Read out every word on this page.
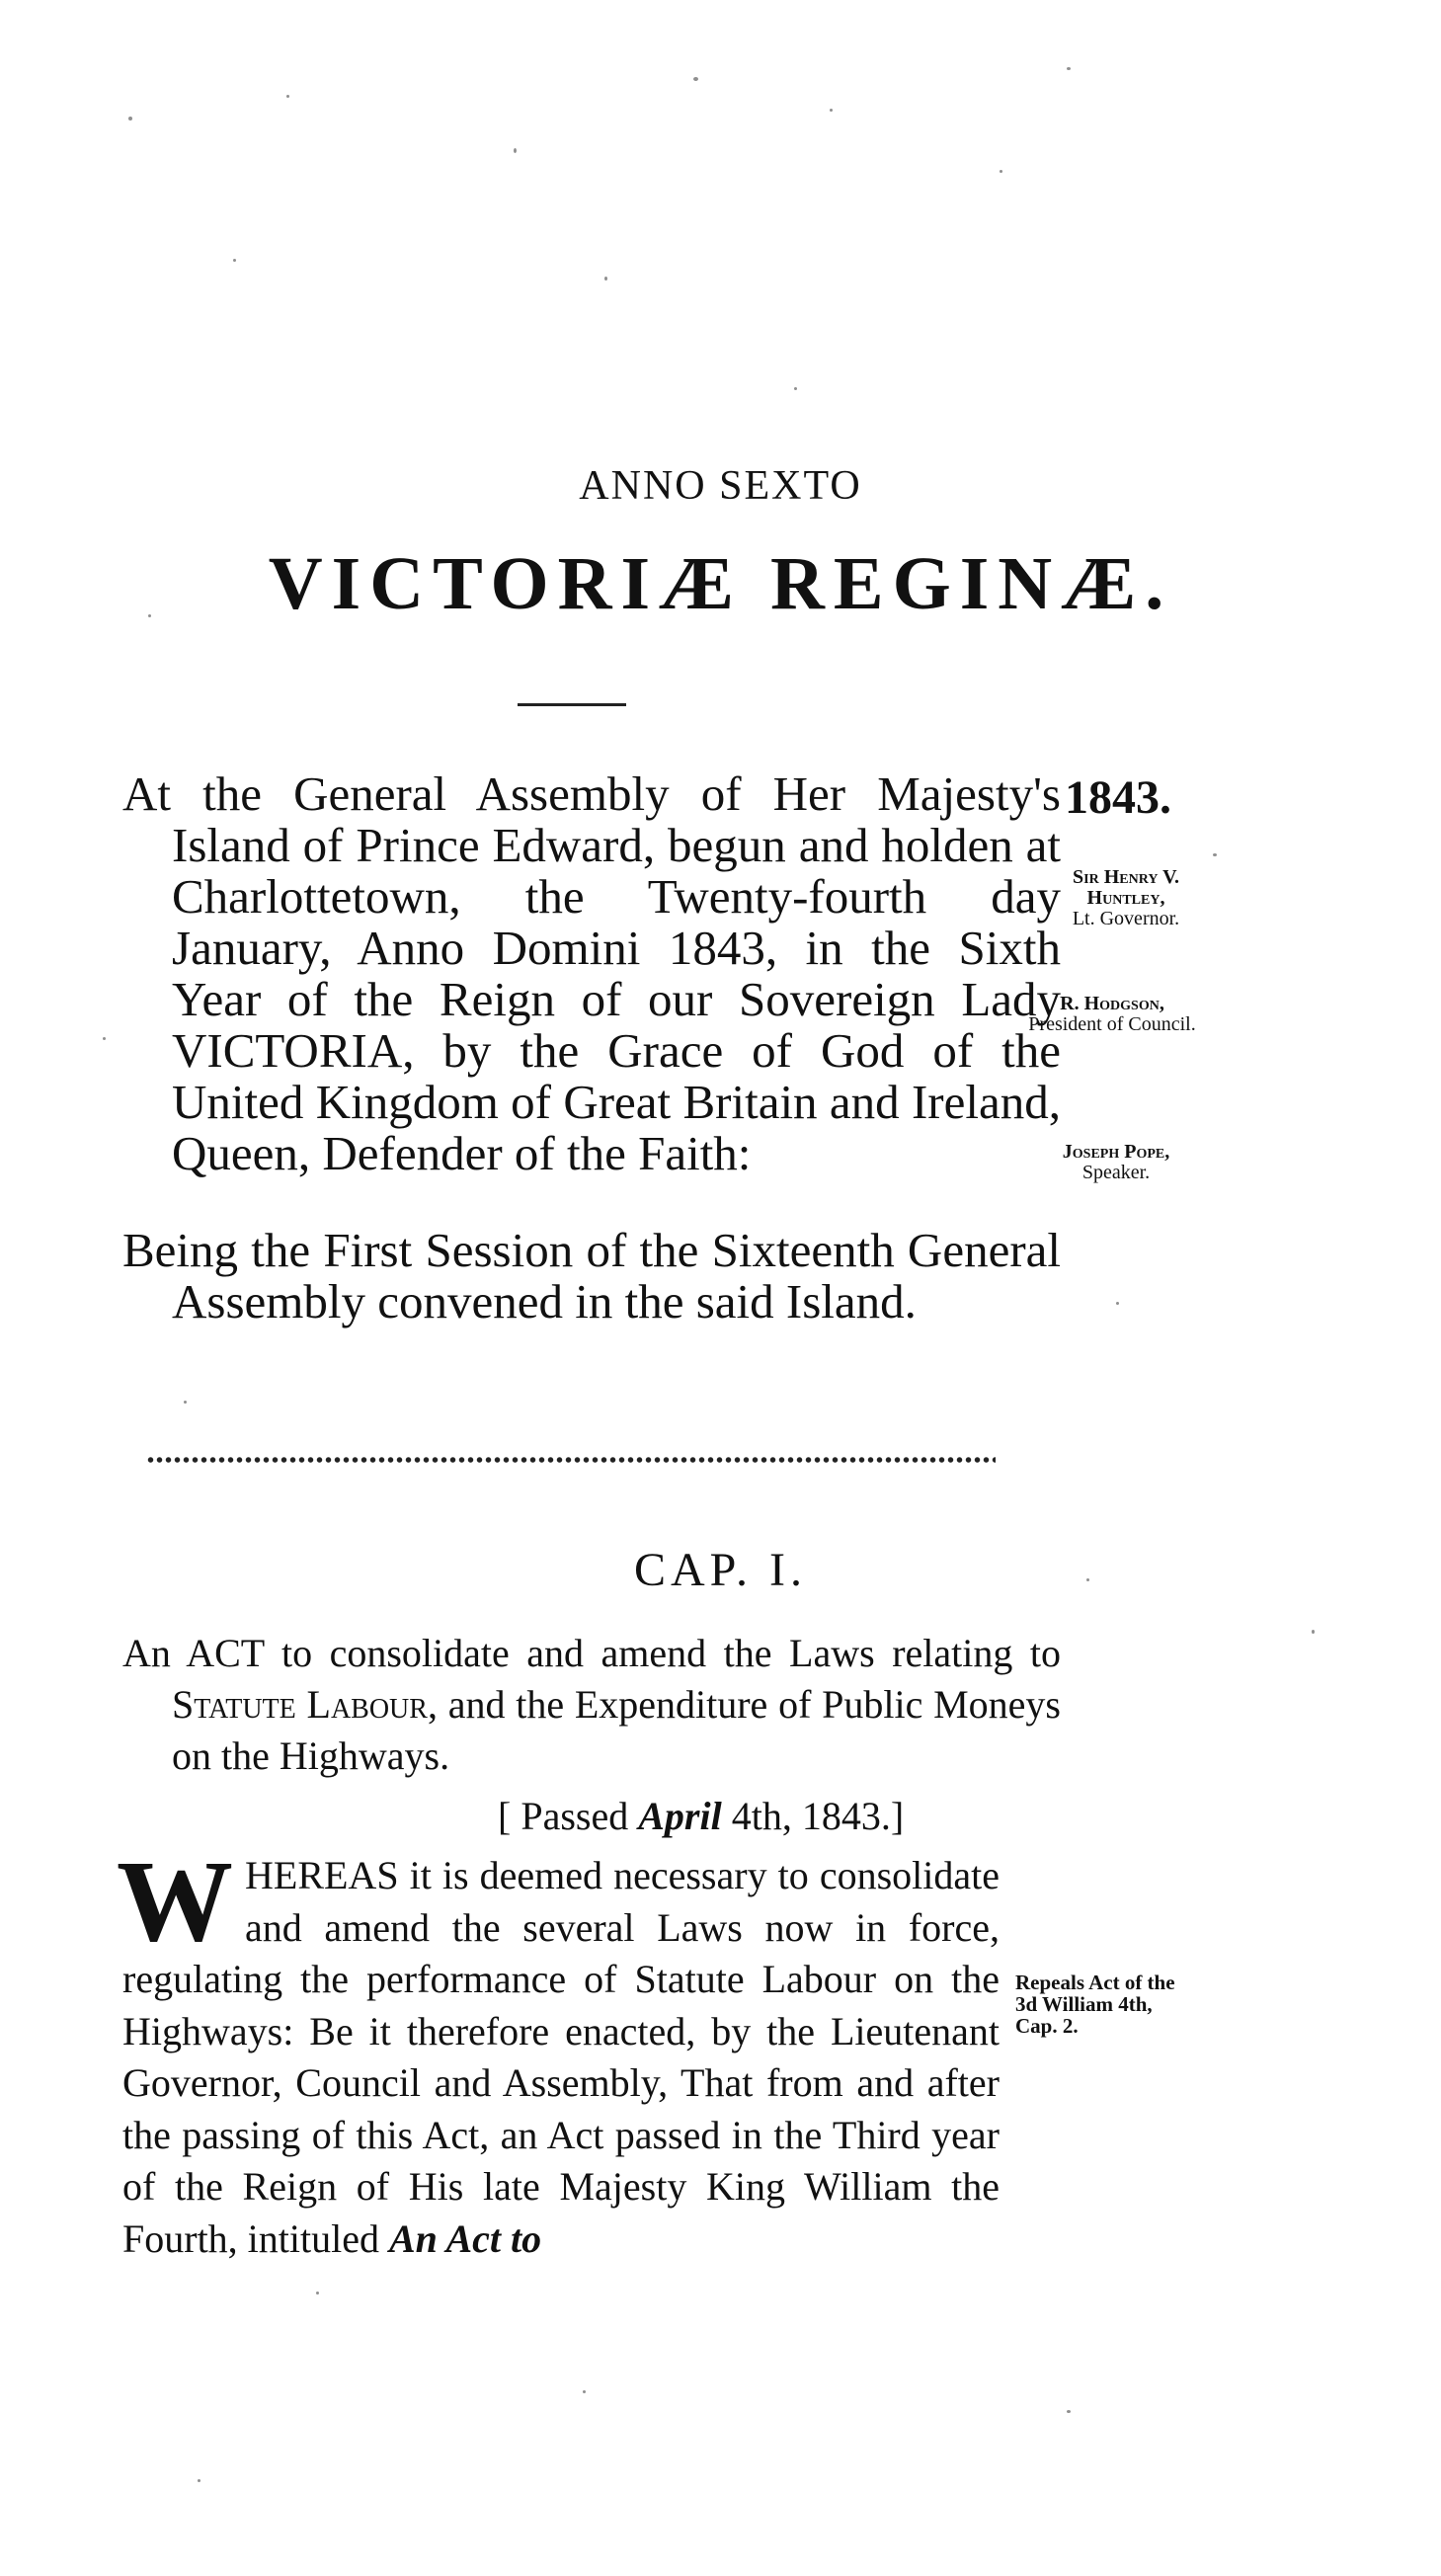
ANNO SEXTO
VICTORIÆ REGINÆ.
At the General Assembly of Her Majesty's Island of Prince Edward, begun and holden at Charlottetown, the Twenty-fourth day January, Anno Domini 1843, in the Sixth Year of the Reign of our Sovereign Lady VICTORIA, by the Grace of God of the United Kingdom of Great Britain and Ireland, Queen, Defender of the Faith:
Being the First Session of the Sixteenth General Assembly convened in the said Island.
1843.
Sir Henry V. Huntley,
Lt. Governor.
R. Hodgson,
President of Council.
Joseph Pope,
Speaker.
CAP. I.
An ACT to consolidate and amend the Laws relating to Statute Labour, and the Expenditure of Public Moneys on the Highways.
[ Passed April 4th, 1843.]
WHEREAS it is deemed necessary to consolidate and amend the several Laws now in force, regulating the performance of Statute Labour on the Highways: Be it therefore enacted, by the Lieutenant Governor, Council and Assembly, That from and after the passing of this Act, an Act passed in the Third year of the Reign of His late Majesty King William the Fourth, intituled An Act to
Repeals Act of the 3d William 4th, Cap. 2.
